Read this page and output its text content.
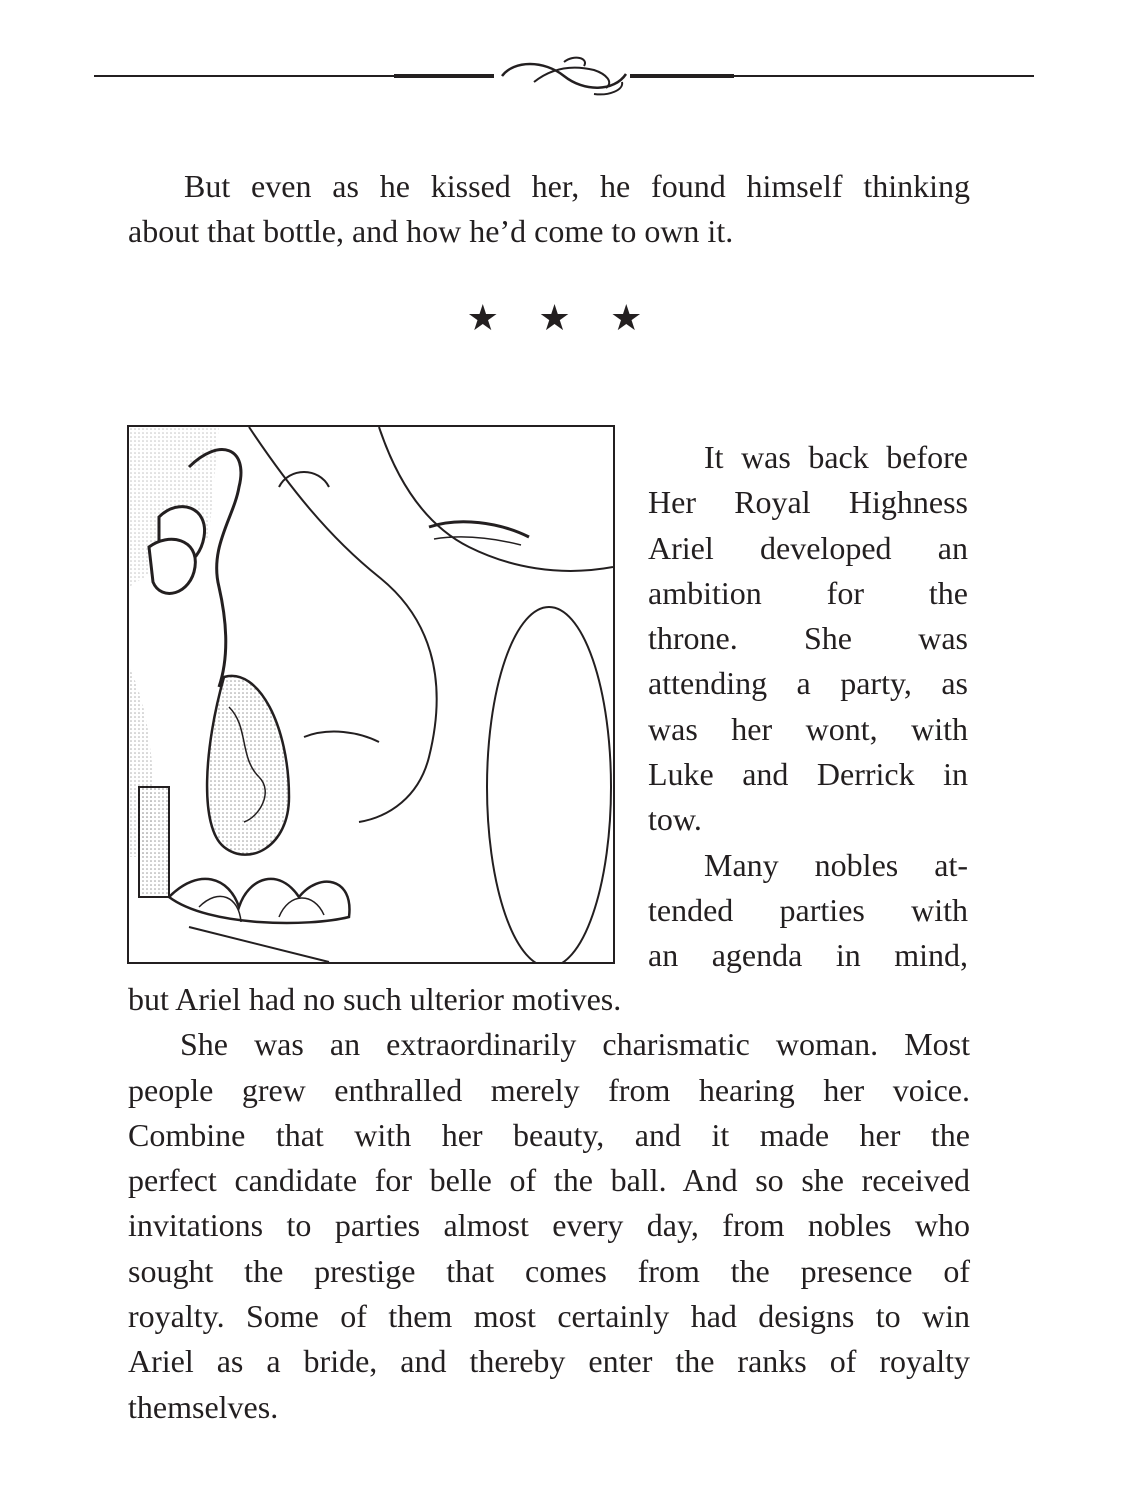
But even as he kissed her, he found himself thinking
about that bottle, and how he’d come to own it.
★ ★ ★
It was back before
Her Royal Highness
Ariel developed an
ambition for the
throne. She was
attending a party, as
was her wont, with
Luke and Derrick in
tow.
Many nobles at-
tended parties with
an agenda in mind,
but Ariel had no such ulterior motives.
She was an extraordinarily charismatic woman. Most
people grew enthralled merely from hearing her voice.
Combine that with her beauty, and it made her the
perfect candidate for belle of the ball. And so she received
invitations to parties almost every day, from nobles who
sought the prestige that comes from the presence of
royalty. Some of them most certainly had designs to win
Ariel as a bride, and thereby enter the ranks of royalty
themselves.
